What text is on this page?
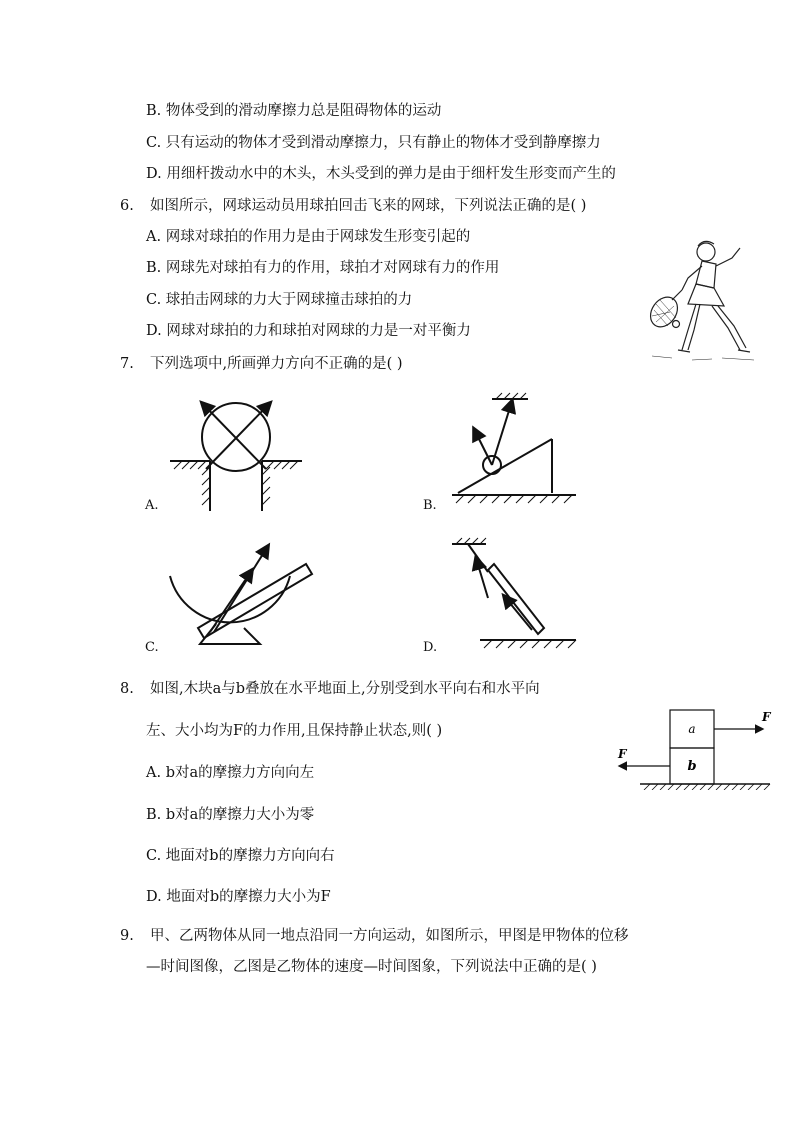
B. 物体受到的滑动摩擦力总是阻碍物体的运动
C. 只有运动的物体才受到滑动摩擦力，只有静止的物体才受到静摩擦力
D. 用细杆拨动水中的木头，木头受到的弹力是由于细杆发生形变而产生的
6. 如图所示，网球运动员用球拍回击飞来的网球，下列说法正确的是( )
A. 网球对球拍的作用力是由于网球发生形变引起的
B. 网球先对球拍有力的作用，球拍才对网球有力的作用
C. 球拍击网球的力大于网球撞击球拍的力
D. 网球对球拍的力和球拍对网球的力是一对平衡力
7. 下列选项中,所画弹力方向不正确的是( )
A.	B.
C.	D.
8. 如图,木块a与b叠放在水平地面上,分别受到水平向右和水平向
左、大小均为F的力作用,且保持静止状态,则( )
A. b对a的摩擦力方向向左
B. b对a的摩擦力大小为零
C. 地面对b的摩擦力方向向右
D. 地面对b的摩擦力大小为F
a
b
F
F
9. 甲、乙两物体从同一地点沿同一方向运动，如图所示，甲图是甲物体的位移
—时间图像，乙图是乙物体的速度—时间图象，下列说法中正确的是( )
